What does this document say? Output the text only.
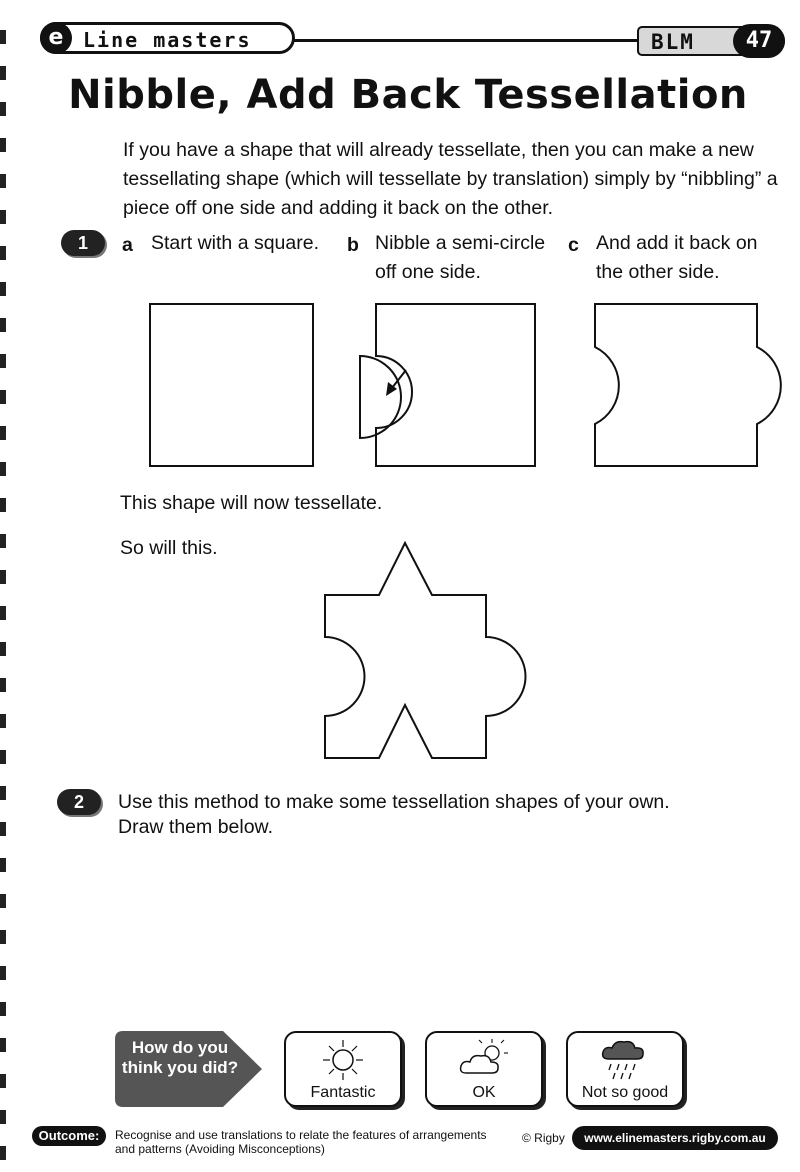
e Line masters	BLM	47
Nibble, Add Back Tessellation
If you have a shape that will already tessellate, then you can make a new tessellating shape (which will tessellate by translation) simply by “nibbling” a piece off one side and adding it back on the other.
1	a Start with a square.	b Nibble a semi-circle off one side.
c And add it back on the other side.
This shape will now tessellate.
So will this.
2	Use this method to make some tessellation shapes of your own. Draw them below.
How do you think you did?
Fantastic	OK	Not so good
Outcome:	Recognise and use translations to relate the features of arrangements and patterns (Avoiding Misconceptions)
© Rigby	www.elinemasters.rigby.com.au
